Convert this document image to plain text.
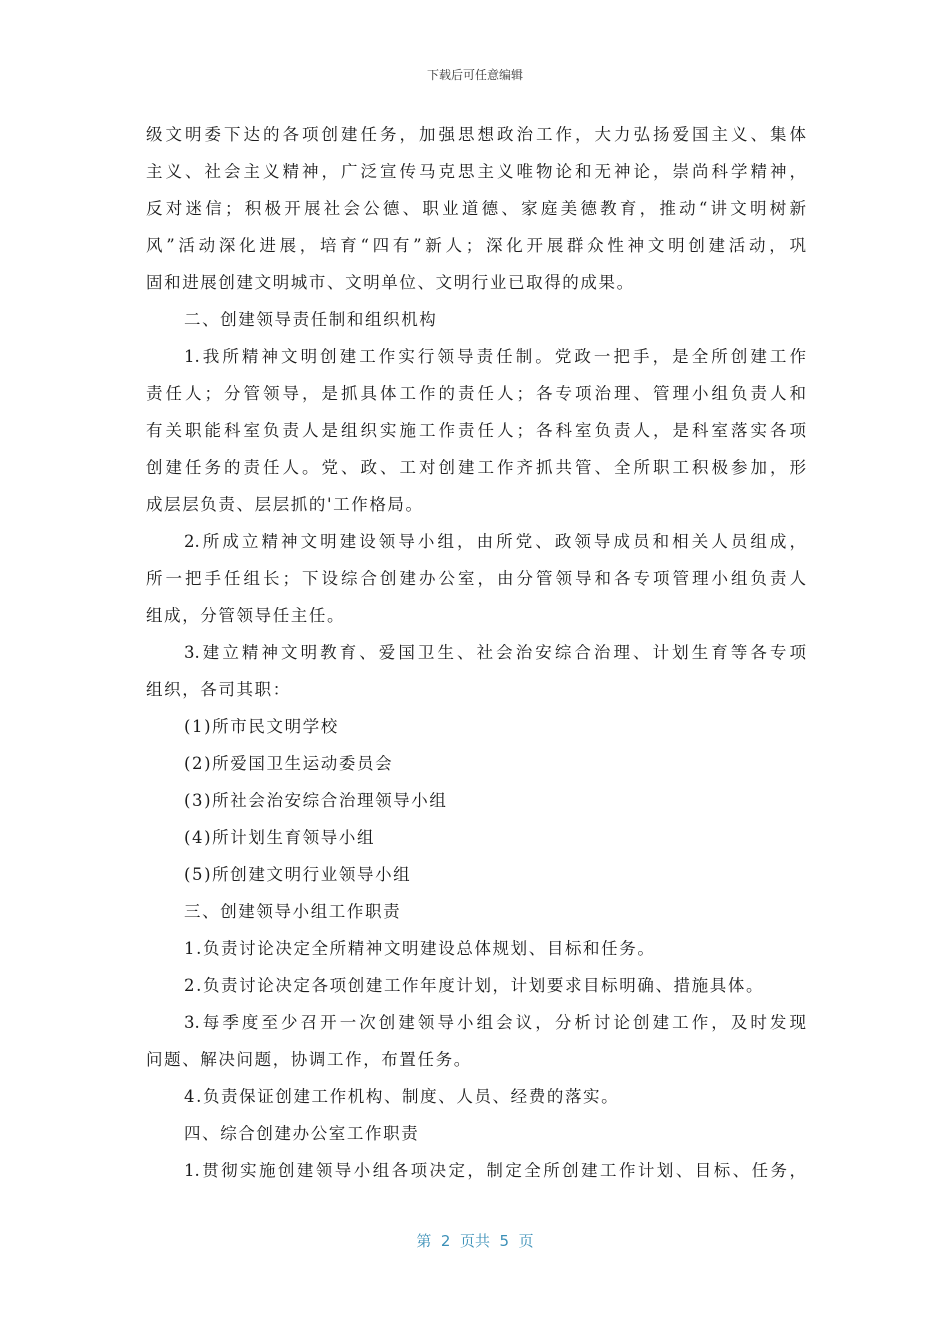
下载后可任意编辑
级文明委下达的各项创建任务，加强思想政治工作，大力弘扬爱国主义、集体
主义、社会主义精神，广泛宣传马克思主义唯物论和无神论，崇尚科学精神，
反对迷信；积极开展社会公德、职业道德、家庭美德教育，推动“讲文明树新
风”活动深化进展，培育“四有”新人；深化开展群众性神文明创建活动，巩
固和进展创建文明城市、文明单位、文明行业已取得的成果。
二、创建领导责任制和组织机构
1.我所精神文明创建工作实行领导责任制。党政一把手，是全所创建工作
责任人；分管领导，是抓具体工作的责任人；各专项治理、管理小组负责人和
有关职能科室负责人是组织实施工作责任人；各科室负责人，是科室落实各项
创建任务的责任人。党、政、工对创建工作齐抓共管、全所职工积极参加，形
成层层负责、层层抓的'工作格局。
2.所成立精神文明建设领导小组，由所党、政领导成员和相关人员组成，
所一把手任组长；下设综合创建办公室，由分管领导和各专项管理小组负责人
组成，分管领导任主任。
3.建立精神文明教育、爱国卫生、社会治安综合治理、计划生育等各专项
组织，各司其职：
(1)所市民文明学校
(2)所爱国卫生运动委员会
(3)所社会治安综合治理领导小组
(4)所计划生育领导小组
(5)所创建文明行业领导小组
三、创建领导小组工作职责
1.负责讨论决定全所精神文明建设总体规划、目标和任务。
2.负责讨论决定各项创建工作年度计划，计划要求目标明确、措施具体。
3.每季度至少召开一次创建领导小组会议，分析讨论创建工作，及时发现
问题、解决问题，协调工作，布置任务。
4.负责保证创建工作机构、制度、人员、经费的落实。
四、综合创建办公室工作职责
1.贯彻实施创建领导小组各项决定，制定全所创建工作计划、目标、任务，
第  2  页共  5  页
